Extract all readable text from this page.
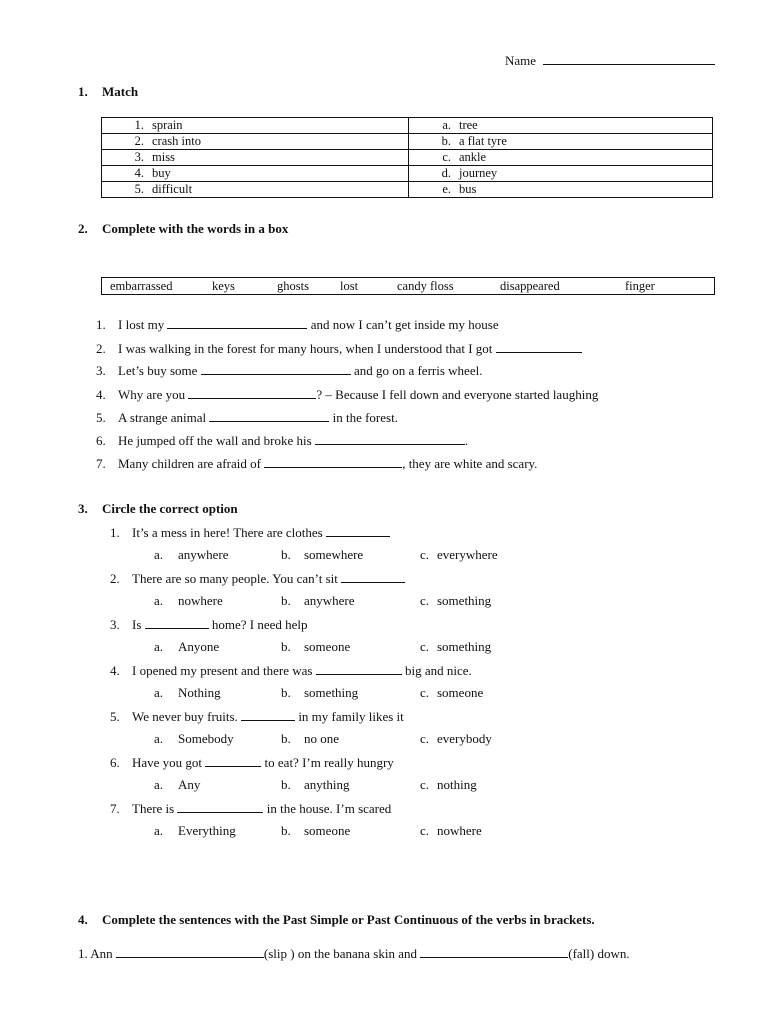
Name
1. Match
1. sprain	a. tree
2. crash into	b. a flat tyre
3. miss	c. ankle
4. buy	d. journey
5. difficult	e. bus
2. Complete with the words in a box
embarrassed	keys	ghosts lost	candy floss	disappeared	finger
1. I lost my	and now I can’t get inside my house
2. I was walking in the forest for many hours, when I understood that I got
3. Let’s buy some	and go on a ferris wheel.
4. Why are you	? – Because I fell down and everyone started laughing
5. A strange animal	in the forest.
6. He jumped off the wall and broke his	.
7. Many children are afraid of	, they are white and scary.
3. Circle the correct option
1. It’s a mess in here! There are clothes
a. anywhere	b. somewhere	c. everywhere
2. There are so many people. You can’t sit
a. nowhere	b. anywhere	c. something
3. Is	home? I need help
a. Anyone	b. someone	c. something
4. I opened my present and there was	big and nice.
a. Nothing	b. something	c. someone
5. We never buy fruits.	in my family likes it
a. Somebody	b. no one	c. everybody
6. Have you got	to eat? I’m really hungry
a. Any	b. anything	c. nothing
7. There is	in the house. I’m scared
a. Everything	b. someone	c. nowhere
4. Complete the sentences with the Past Simple or Past Continuous of the verbs in brackets.
1. Ann	(slip ) on the banana skin and	(fall) down.
